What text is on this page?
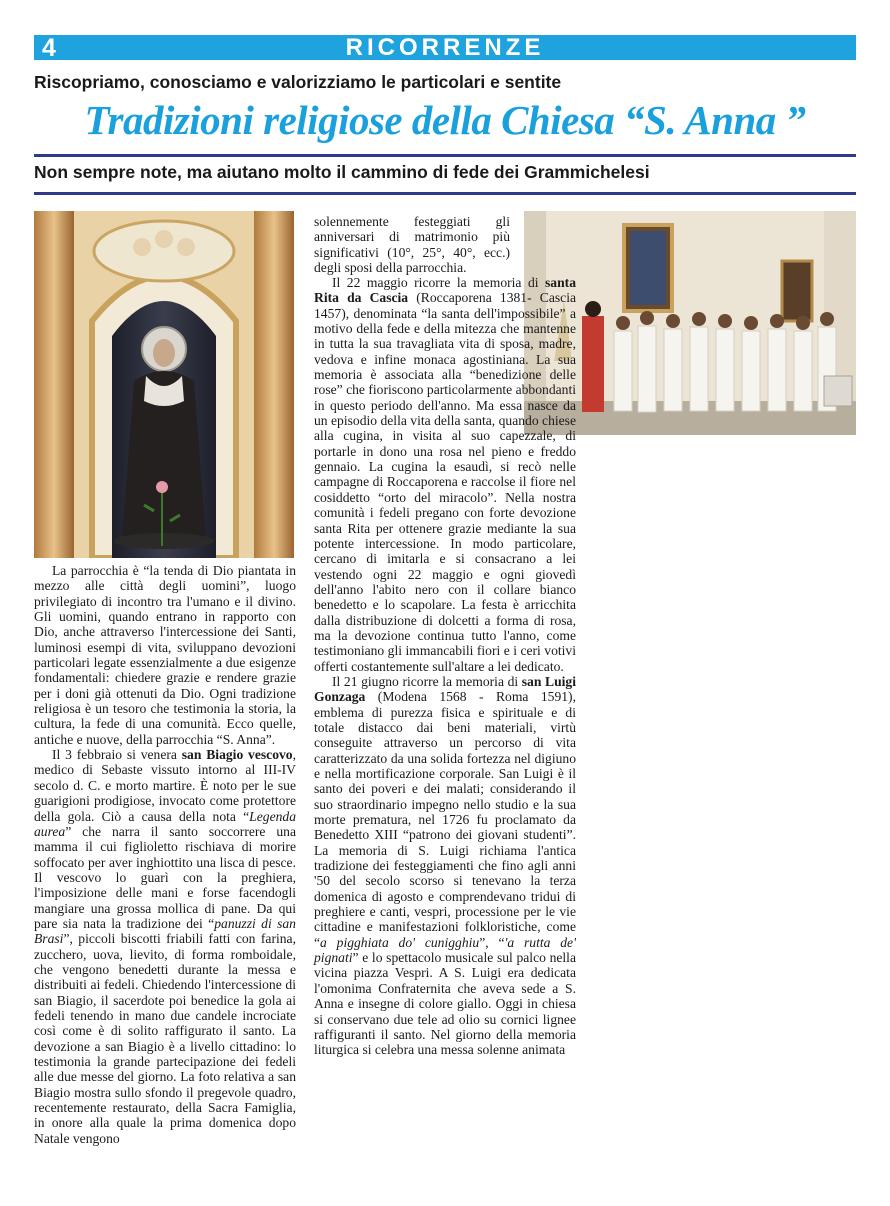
4	RICORRENZE
Riscopriamo, conosciamo e valorizziamo le particolari e sentite
Tradizioni religiose della Chiesa “S. Anna ”
Non sempre note, ma aiutano molto il cammino di fede dei Grammichelesi

La parrocchia è “la tenda di Dio piantata in mezzo alle città degli uomini”, luogo privilegiato di incontro tra l'umano e il divino. Gli uomini, quando entrano in rapporto con Dio, anche attraverso l'intercessione dei Santi, luminosi esempi di vita, sviluppano devozioni particolari legate essenzialmente a due esigenze fondamentali: chiedere grazie e rendere grazie per i doni già ottenuti da Dio. Ogni tradizione religiosa è un tesoro che testimonia la storia, la cultura, la fede di una comunità. Ecco quelle, antiche e nuove, della parrocchia “S. Anna”.

Il 3 febbraio si venera san Biagio vescovo, medico di Sebaste vissuto intorno al III-IV secolo d. C. e morto martire. È noto per le sue guarigioni prodigiose, invocato come protettore della gola. Ciò a causa della nota “Legenda aurea” che narra il santo soccorrere una mamma il cui figlioletto rischiava di morire soffocato per aver inghiottito una lisca di pesce. Il vescovo lo guarì con la preghiera, l'imposizione delle mani e forse facendogli mangiare una grossa mollica di pane. Da qui pare sia nata la tradizione dei “panuzzi di san Brasi”, piccoli biscotti friabili fatti con farina, zucchero, uova, lievito, di forma romboidale, che vengono benedetti durante la messa e distribuiti ai fedeli. Chiedendo l'intercessione di san Biagio, il sacerdote poi benedice la gola ai fedeli tenendo in mano due candele incrociate così come è di solito raffigurato il santo. La devozione a san Biagio è a livello cittadino: lo testimonia la grande partecipazione dei fedeli alle due messe del giorno. La foto relativa a san Biagio mostra sullo sfondo il pregevole quadro, recentemente restaurato, della Sacra Famiglia, in onore alla quale la prima domenica dopo Natale vengono

solennemente festeggiati gli anniversari di matrimonio più significativi (10°, 25°, 40°, ecc.) degli sposi della parrocchia.

Il 22 maggio ricorre la memoria di santa Rita da Cascia (Roccaporena 1381- Cascia 1457), denominata “la santa dell'impossibile” a motivo della fede e della mitezza che mantenne in tutta la sua travagliata vita di sposa, madre, vedova e infine monaca agostiniana. La sua memoria è associata alla “benedizione delle rose” che fioriscono particolarmente abbondanti in questo periodo dell'anno. Ma essa nasce da un episodio della vita della santa, quando chiese alla cugina, in visita al suo capezzale, di portarle in dono una rosa nel pieno e freddo gennaio. La cugina la esaudì, si recò nelle campagne di Roccaporena e raccolse il fiore nel cosiddetto “orto del miracolo”. Nella nostra comunità i fedeli pregano con forte devozione santa Rita per ottenere grazie mediante la sua potente intercessione. In modo particolare, cercano di imitarla e si consacrano a lei vestendo ogni 22 maggio e ogni giovedì dell'anno l'abito nero con il collare bianco benedetto e lo scapolare. La festa è arricchita dalla distribuzione di dolcetti a forma di rosa, ma la devozione continua tutto l'anno, come testimoniano gli immancabili fiori e i ceri votivi offerti costantemente sull'altare a lei dedicato.

Il 21 giugno ricorre la memoria di san Luigi Gonzaga (Modena 1568 - Roma 1591), emblema di purezza fisica e spirituale e di totale distacco dai beni materiali, virtù conseguite attraverso un percorso di vita caratterizzato da una solida fortezza nel digiuno e nella mortificazione corporale. San Luigi è il santo dei poveri e dei malati; considerando il suo straordinario impegno nello studio e la sua morte prematura, nel 1726 fu proclamato da Benedetto XIII “patrono dei giovani studenti”. La memoria di S. Luigi richiama l'antica tradizione dei festeggiamenti che fino agli anni '50 del secolo scorso si tenevano la terza domenica di agosto e comprendevano tridui di preghiere e canti, vespri, processione per le vie cittadine e manifestazioni folkloristiche, come “a pigghiata do' cunigghiu”, “'a rutta de' pignati” e lo spettacolo musicale sul palco nella vicina piazza Vespri. A S. Luigi era dedicata l'omonima Confraternita che aveva sede a S. Anna e insegne di colore giallo. Oggi in chiesa si conservano due tele ad olio su cornici lignee raffiguranti il santo. Nel giorno della memoria liturgica si celebra una messa solenne animata
